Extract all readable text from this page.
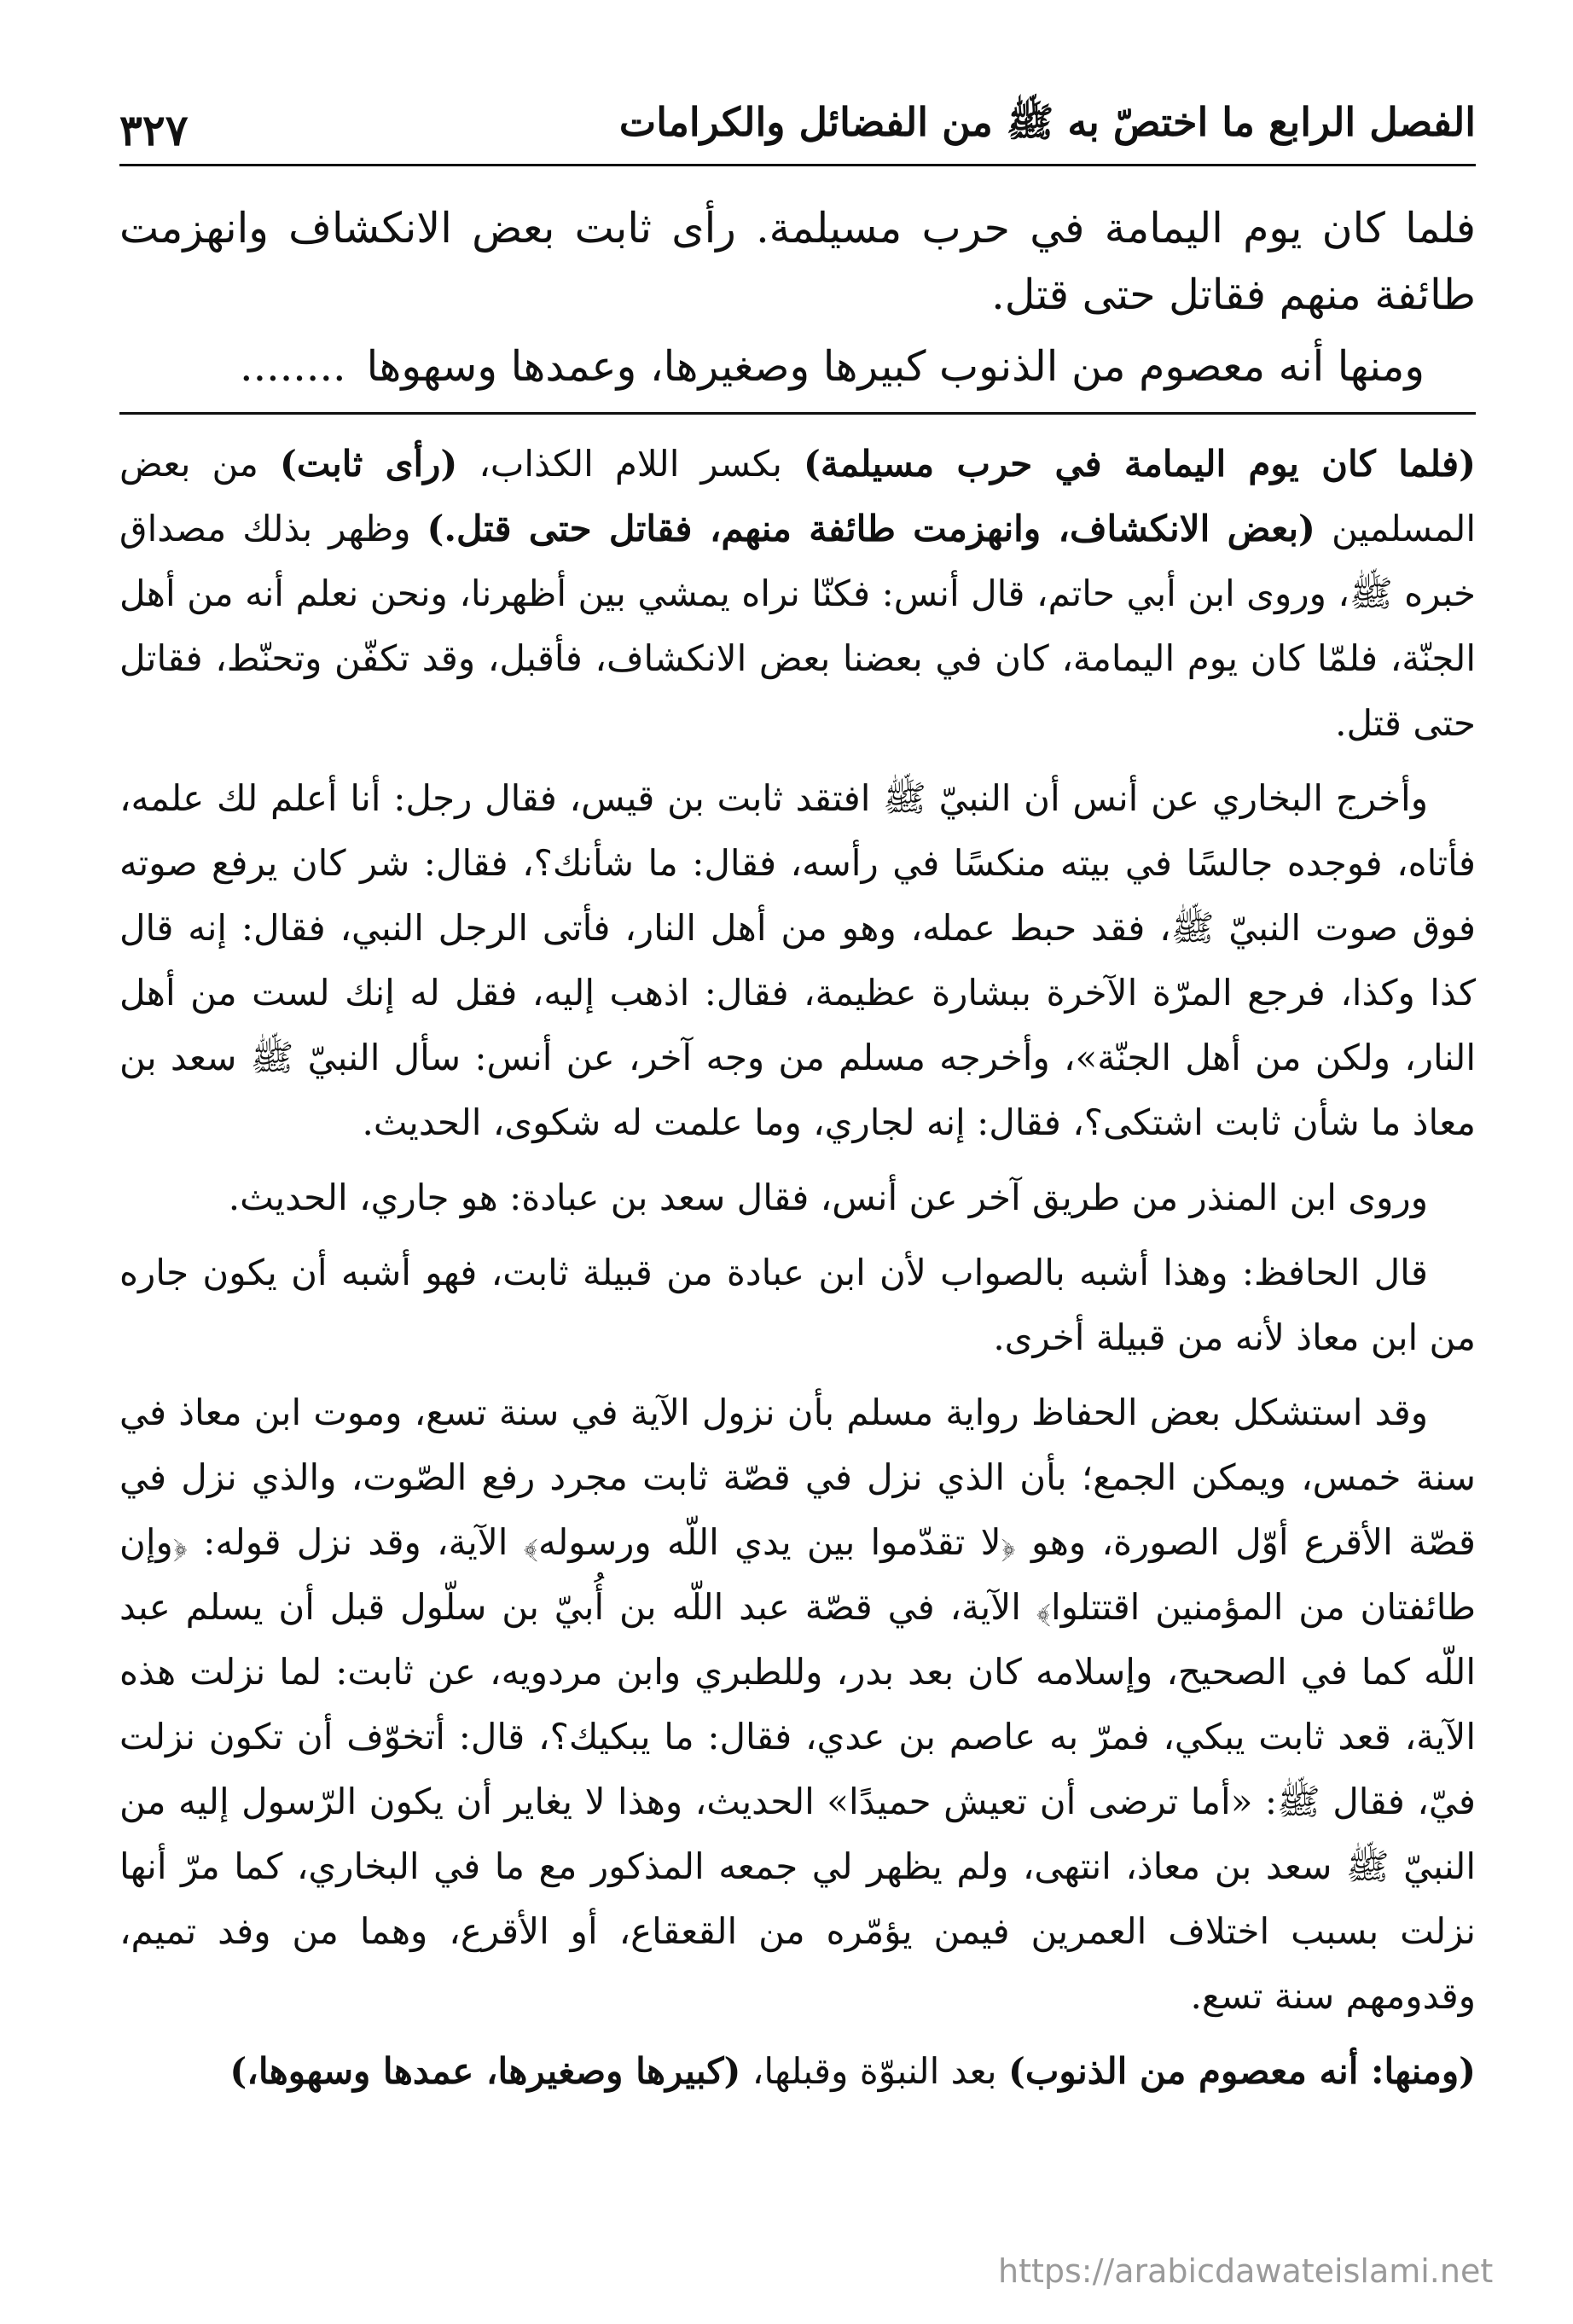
الفصل الرابع ما اختصّ به ﷺ من الفضائل والكرامات
٣٢٧

فلما كان يوم اليمامة في حرب مسيلمة. رأى ثابت بعض الانكشاف وانهزمت طائفة منهم فقاتل حتى قتل.

ومنها أنه معصوم من الذنوب كبيرها وصغيرها، وعمدها وسهوها........

(فلما كان يوم اليمامة في حرب مسيلمة) بكسر اللام الكذاب، (رأى ثابت) من بعض المسلمين (بعض الانكشاف، وانهزمت طائفة منهم، فقاتل حتى قتل.) وظهر بذلك مصداق خبره ﷺ، وروى ابن أبي حاتم، قال أنس: فكنّا نراه يمشي بين أظهرنا، ونحن نعلم أنه من أهل الجنّة، فلمّا كان يوم اليمامة، كان في بعضنا بعض الانكشاف، فأقبل، وقد تكفّن وتحنّط، فقاتل حتى قتل.

وأخرج البخاري عن أنس أن النبيّ ﷺ افتقد ثابت بن قيس، فقال رجل: أنا أعلم لك علمه، فأتاه، فوجده جالسًا في بيته منكسًا في رأسه، فقال: ما شأنك؟، فقال: شر كان يرفع صوته فوق صوت النبيّ ﷺ، فقد حبط عمله، وهو من أهل النار، فأتى الرجل النبي، فقال: إنه قال كذا وكذا، فرجع المرّة الآخرة ببشارة عظيمة، فقال: اذهب إليه، فقل له إنك لست من أهل النار، ولكن من أهل الجنّة»، وأخرجه مسلم من وجه آخر، عن أنس: سأل النبيّ ﷺ سعد بن معاذ ما شأن ثابت اشتكى؟، فقال: إنه لجاري، وما علمت له شكوى، الحديث.

وروى ابن المنذر من طريق آخر عن أنس، فقال سعد بن عبادة: هو جاري، الحديث.

قال الحافظ: وهذا أشبه بالصواب لأن ابن عبادة من قبيلة ثابت، فهو أشبه أن يكون جاره من ابن معاذ لأنه من قبيلة أخرى.

وقد استشكل بعض الحفاظ رواية مسلم بأن نزول الآية في سنة تسع، وموت ابن معاذ في سنة خمس، ويمكن الجمع؛ بأن الذي نزل في قصّة ثابت مجرد رفع الصّوت، والذي نزل في قصّة الأقرع أوّل الصورة، وهو ﴿لا تقدّموا بين يدي اللّه ورسوله﴾ الآية، وقد نزل قوله: ﴿وإن طائفتان من المؤمنين اقتتلوا﴾ الآية، في قصّة عبد اللّه بن أُبيّ بن سلّول قبل أن يسلم عبد اللّه كما في الصحيح، وإسلامه كان بعد بدر، وللطبري وابن مردويه، عن ثابت: لما نزلت هذه الآية، قعد ثابت يبكي، فمرّ به عاصم بن عدي، فقال: ما يبكيك؟، قال: أتخوّف أن تكون نزلت فيّ، فقال ﷺ: «أما ترضى أن تعيش حميدًا» الحديث، وهذا لا يغاير أن يكون الرّسول إليه من النبيّ ﷺ سعد بن معاذ، انتهى، ولم يظهر لي جمعه المذكور مع ما في البخاري، كما مرّ أنها نزلت بسبب اختلاف العمرين فيمن يؤمّره من القعقاع، أو الأقرع، وهما من وفد تميم، وقدومهم سنة تسع.

(ومنها: أنه معصوم من الذنوب) بعد النبوّة وقبلها، (كبيرها وصغيرها، عمدها وسهوها،)

https://arabicdawateislami.net
